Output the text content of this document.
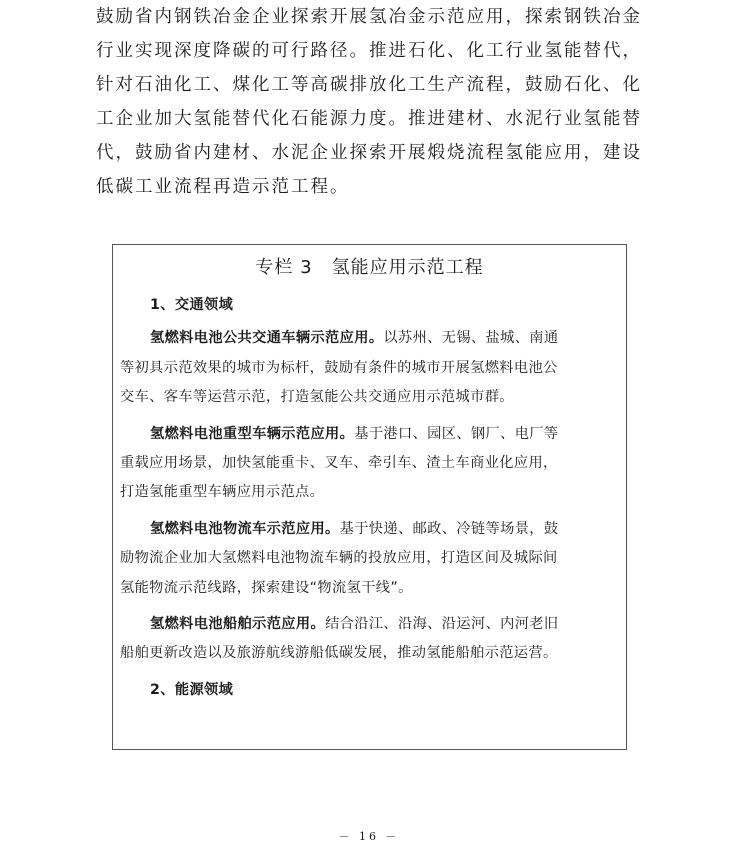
鼓励省内钢铁冶金企业探索开展氢冶金示范应用，探索钢铁冶金
行业实现深度降碳的可行路径。推进石化、化工行业氢能替代，
针对石油化工、煤化工等高碳排放化工生产流程，鼓励石化、化
工企业加大氢能替代化石能源力度。推进建材、水泥行业氢能替
代，鼓励省内建材、水泥企业探索开展煅烧流程氢能应用，建设
低碳工业流程再造示范工程。
专栏 3　氢能应用示范工程
1、交通领域
氢燃料电池公共交通车辆示范应用。以苏州、无锡、盐城、南通
等初具示范效果的城市为标杆，鼓励有条件的城市开展氢燃料电池公
交车、客车等运营示范，打造氢能公共交通应用示范城市群。
氢燃料电池重型车辆示范应用。基于港口、园区、钢厂、电厂等
重载应用场景，加快氢能重卡、叉车、牵引车、渣土车商业化应用，
打造氢能重型车辆应用示范点。
氢燃料电池物流车示范应用。基于快递、邮政、冷链等场景，鼓
励物流企业加大氢燃料电池物流车辆的投放应用，打造区间及城际间
氢能物流示范线路，探索建设“物流氢干线”。
氢燃料电池船舶示范应用。结合沿江、沿海、沿运河、内河老旧
船舶更新改造以及旅游航线游船低碳发展，推动氢能船舶示范运营。
2、能源领域
－ 16 －
